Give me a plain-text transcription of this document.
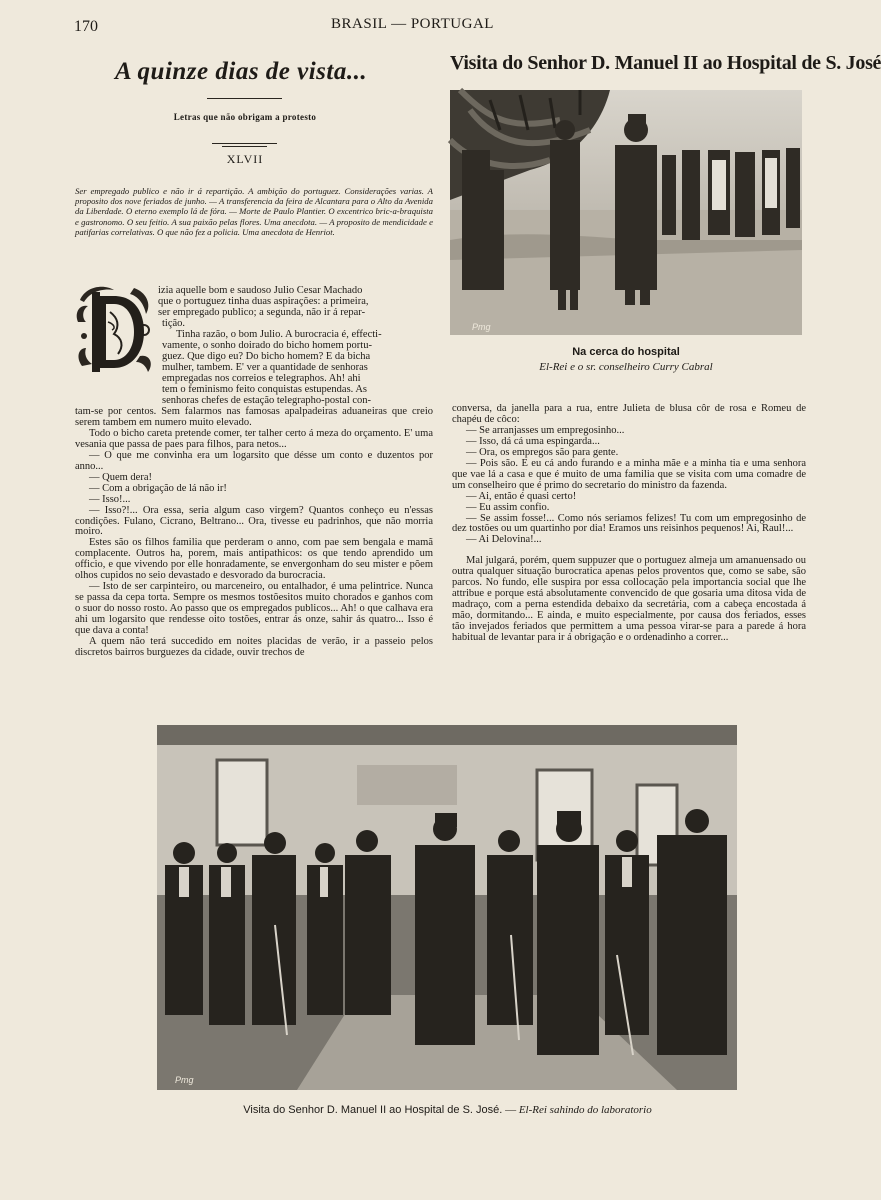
170	BRASIL — PORTUGAL
A quinze dias de vista...
Letras que não obrigam a protesto
XLVII
Ser empregado publico e não ir á repartição. A ambição do portuguez. Considerações varias. A proposito dos nove feriados de junho. — A transferencia da feira de Alcantara para o Alto da Avenida da Liberdade. O eterno exemplo lá de fóra. — Morte de Paulo Plantier. O excentrico bric-a-braquista e gastronomo. O seu feitio. A sua paixão pelas flores. Uma anecdota. — A proposito de mendicidade e patifarias correlativas. O que não fez a policia. Uma anecdota de Henriot.
izia aquelle bom e saudoso Julio Cesar Machado
que o portuguez tinha duas aspirações: a primeira,
ser empregado publico; a segunda, não ir á repar-
tição.
Tinha razão, o bom Julio. A burocracia é, effecti-
vamente, o sonho doirado do bicho homem portu-
guez. Que digo eu? Do bicho homem? E da bicha
mulher, tambem. E' ver a quantidade de senhoras
empregadas nos correios e telegraphos. Ah! ahi
tem o feminismo feito conquistas estupendas. As
senhoras chefes de estação telegrapho-postal con-

tam-se por centos. Sem falarmos nas famosas apalpadeiras aduaneiras que creio serem tambem em numero muito elevado.

Todo o bicho careta pretende comer, ter talher certo á meza do orçamento. E' uma vesania que passa de paes para filhos, para netos...

— O que me convinha era um logarsito que désse um conto e duzentos por anno...

— Quem dera!

— Com a obrigação de lá não ir!

— Isso!...

— Isso?!... Ora essa, seria algum caso virgem? Quantos conheço eu n'essas condições. Fulano, Cicrano, Beltrano... Ora, tivesse eu padrinhos, que não morria moiro.

Estes são os filhos familia que perderam o anno, com pae sem bengala e mamã complacente. Outros ha, porem, mais antipathicos: os que tendo aprendido um officio, e que vivendo por elle honradamente, se envergonham do seu mister e põem olhos cupidos no seio devastado e desvorado da burocracia.

— Isto de ser carpinteiro, ou marceneiro, ou entalhador, é uma pelintrice. Nunca se passa da cepa torta. Sempre os mesmos tostõesitos muito chorados e ganhos com o suor do nosso rosto. Ao passo que os empregados publicos... Ah! o que calhava era ahi um logarsito que rendesse oito tostões, entrar ás onze, sahir ás quatro... Isso é que dava a conta!

A quem não terá succedido em noites placidas de verão, ir a passeio pelos discretos bairros burguezes da cidade, ouvir trechos de

Visita do Senhor D. Manuel II ao Hospital de S. José
Pmg
Na cerca do hospital
El-Rei e o sr. conselheiro Curry Cabral

conversa, da janella para a rua, entre Julieta de blusa côr de rosa e Romeu de chapéu de côco:

— Se arranjasses um empregosinho...

— Isso, dá cá uma espingarda...

— Ora, os empregos são para gente.

— Pois são. E eu cá ando furando e a minha mãe e a minha tia e uma senhora que vae lá a casa e que é muito de uma familia que se visita com uma comadre de um conselheiro que é primo do secretario do ministro da fazenda.

— Ai, então é quasi certo!

— Eu assim confio.

— Se assim fosse!... Como nós seriamos felizes! Tu com um empregosinho de dez tostões ou um quartinho por dia! Eramos uns reisinhos pequenos! Ai, Raul!...

— Ai Delovina!...

Mal julgará, porém, quem suppuzer que o portuguez almeja um amanuensado ou outra qualquer situação burocratica apenas pelos proventos que, como se sabe, são parcos. No fundo, elle suspira por essa collocação pela importancia social que lhe attribue e porque está absolutamente convencido de que gosaria uma ditosa vida de madraço, com a perna estendida debaixo da secretária, com a cabeça encostada á mão, dormitando... E ainda, e muito especialmente, por causa dos feriados, esses tão invejados feriados que permittem a uma pessoa virar-se para a parede á hora habitual de levantar para ir á obrigação e o ordenadinho a correr...

Pmg
Visita do Senhor D. Manuel II ao Hospital de S. José. — El-Rei sahindo do laboratorio
